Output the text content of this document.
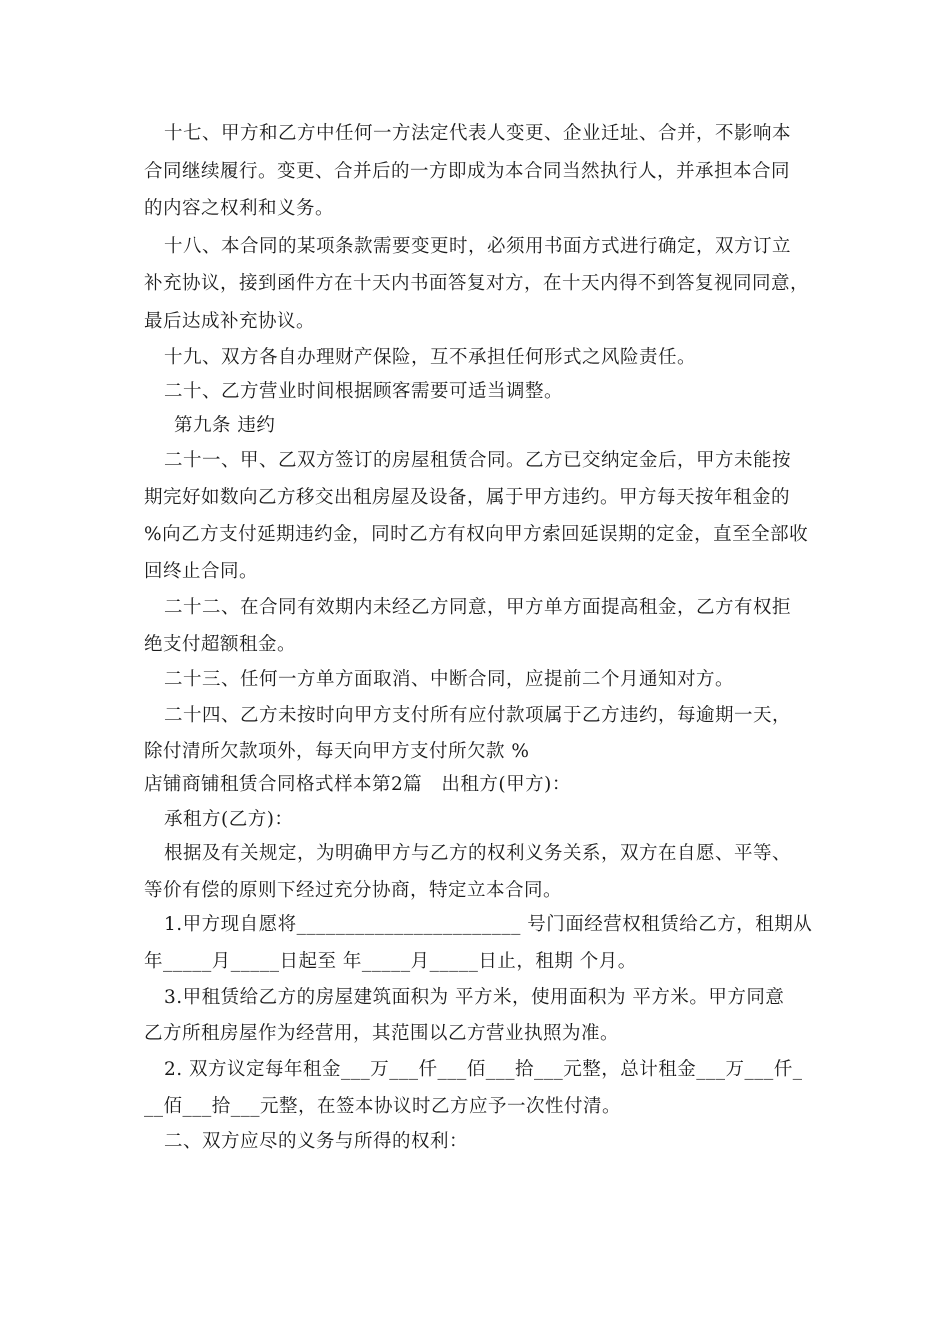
十七、甲方和乙方中任何一方法定代表人变更、企业迁址、合并，不影响本
合同继续履行。变更、合并后的一方即成为本合同当然执行人，并承担本合同
的内容之权利和义务。
十八、本合同的某项条款需要变更时，必须用书面方式进行确定，双方订立
补充协议，接到函件方在十天内书面答复对方，在十天内得不到答复视同同意，
最后达成补充协议。
十九、双方各自办理财产保险，互不承担任何形式之风险责任。
二十、乙方营业时间根据顾客需要可适当调整。
第九条 违约
二十一、甲、乙双方签订的房屋租赁合同。乙方已交纳定金后，甲方未能按
期完好如数向乙方移交出租房屋及设备，属于甲方违约。甲方每天按年租金的
%向乙方支付延期违约金，同时乙方有权向甲方索回延误期的定金，直至全部收
回终止合同。
二十二、在合同有效期内未经乙方同意，甲方单方面提高租金，乙方有权拒
绝支付超额租金。
二十三、任何一方单方面取消、中断合同，应提前二个月通知对方。
二十四、乙方未按时向甲方支付所有应付款项属于乙方违约，每逾期一天，
除付清所欠款项外，每天向甲方支付所欠款 %
店铺商铺租赁合同格式样本第2篇   出租方(甲方)：
承租方(乙方)：
根据及有关规定，为明确甲方与乙方的权利义务关系，双方在自愿、平等、
等价有偿的原则下经过充分协商，特定立本合同。
1.甲方现自愿将_______________________ 号门面经营权租赁给乙方，租期从
年_____月_____日起至 年_____月_____日止，租期 个月。
3.甲租赁给乙方的房屋建筑面积为 平方米，使用面积为 平方米。甲方同意
乙方所租房屋作为经营用，其范围以乙方营业执照为准。
2. 双方议定每年租金___万___仟___佰___拾___元整，总计租金___万___仟_
__佰___拾___元整，在签本协议时乙方应予一次性付清。
二、双方应尽的义务与所得的权利：
